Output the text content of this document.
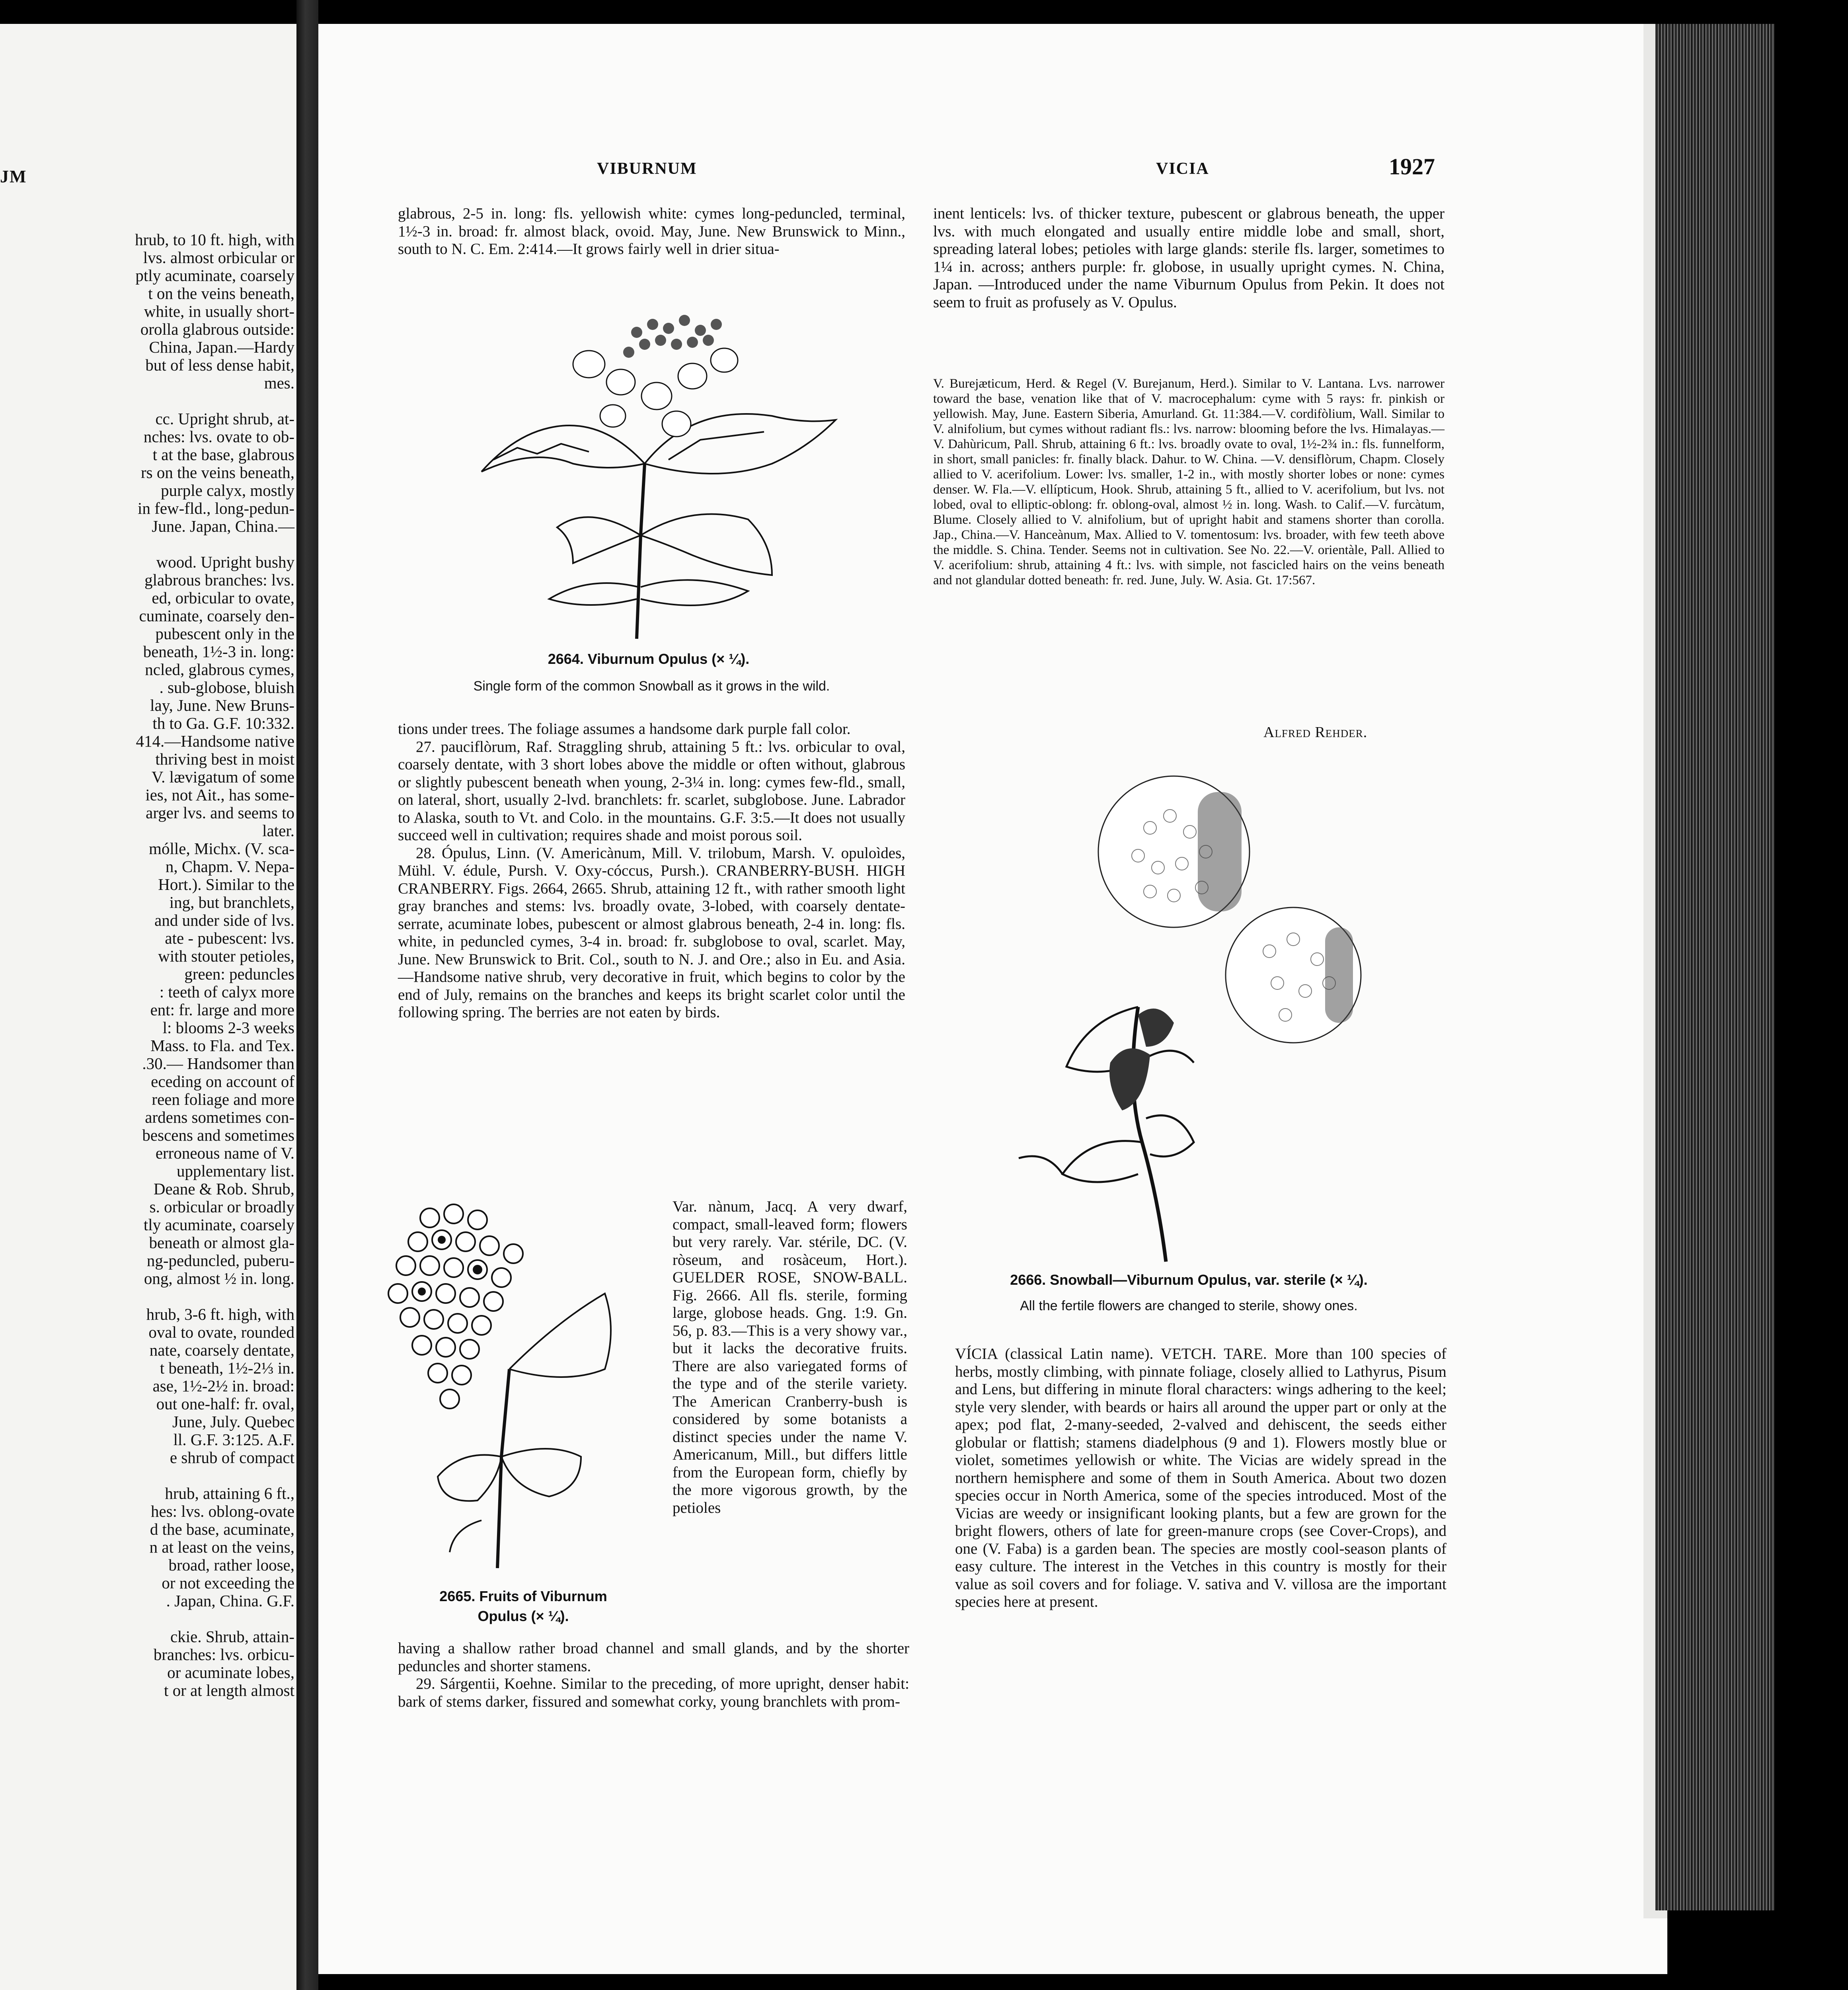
JM
hrub, to 10 ft. high, with
lvs. almost orbicular or
ptly acuminate, coarsely
t on the veins beneath,
white, in usually short-
orolla glabrous outside:
China, Japan.—Hardy
but of less dense habit,
mes.
cc. Upright shrub, at-
nches: lvs. ovate to ob-
t at the base, glabrous
rs on the veins beneath,
purple calyx, mostly
in few-fld., long-pedun-
June. Japan, China.—
wood. Upright bushy
glabrous branches: lvs.
ed, orbicular to ovate,
cuminate, coarsely den-
pubescent only in the
beneath, 1½-3 in. long:
ncled, glabrous cymes,
. sub-globose, bluish
lay, June. New Bruns-
th to Ga. G.F. 10:332.
414.—Handsome native
thriving best in moist
V. lævigatum of some
ies, not Ait., has some-
arger lvs. and seems to
later.
mólle, Michx. (V. sca-
n, Chapm. V. Nepa-
Hort.). Similar to the
ing, but branchlets,
and under side of lvs.
ate - pubescent: lvs.
with stouter petioles,
green: peduncles
: teeth of calyx more
ent: fr. large and more
l: blooms 2-3 weeks
Mass. to Fla. and Tex.
.30.— Handsomer than
eceding on account of
reen foliage and more
ardens sometimes con-
bescens and sometimes
erroneous name of V.
upplementary list.
Deane & Rob. Shrub,
s. orbicular or broadly
tly acuminate, coarsely
beneath or almost gla-
ng-peduncled, puberu-
ong, almost ½ in. long.
hrub, 3-6 ft. high, with
oval to ovate, rounded
nate, coarsely dentate,
t beneath, 1½-2⅓ in.
ase, 1½-2½ in. broad:
out one-half: fr. oval,
June, July. Quebec
ll. G.F. 3:125. A.F.
e shrub of compact
hrub, attaining 6 ft.,
hes: lvs. oblong-ovate
d the base, acuminate,
n at least on the veins,
broad, rather loose,
or not exceeding the
. Japan, China. G.F.
ckie. Shrub, attain-
branches: lvs. orbicu-
or acuminate lobes,
t or at length almost
VIBURNUM	VICIA	1927

glabrous, 2-5 in. long: fls. yellowish white: cymes long-peduncled, terminal, 1½-3 in. broad: fr. almost black, ovoid. May, June. New Brunswick to Minn., south to N. C. Em. 2:414.—It grows fairly well in drier situa-

2664. Viburnum Opulus (× ¼).
Single form of the common Snowball as it grows in the wild.

tions under trees. The foliage assumes a handsome dark purple fall color.

27. pauciflòrum, Raf. Straggling shrub, attaining 5 ft.: lvs. orbicular to oval, coarsely dentate, with 3 short lobes above the middle or often without, glabrous or slightly pubescent beneath when young, 2-3¼ in. long: cymes few-fld., small, on lateral, short, usually 2-lvd. branchlets: fr. scarlet, subglobose. June. Labrador to Alaska, south to Vt. and Colo. in the mountains. G.F. 3:5.—It does not usually succeed well in cultivation; requires shade and moist porous soil.

28. Ópulus, Linn. (V. Americànum, Mill. V. trilobum, Marsh. V. opuloìdes, Mühl. V. édule, Pursh. V. Oxy-cóccus, Pursh.). CRANBERRY-BUSH. HIGH CRANBERRY. Figs. 2664, 2665. Shrub, attaining 12 ft., with rather smooth light gray branches and stems: lvs. broadly ovate, 3-lobed, with coarsely dentate-serrate, acuminate lobes, pubescent or almost glabrous beneath, 2-4 in. long: fls. white, in peduncled cymes, 3-4 in. broad: fr. subglobose to oval, scarlet. May, June. New Brunswick to Brit. Col., south to N. J. and Ore.; also in Eu. and Asia.—Handsome native shrub, very decorative in fruit, which begins to color by the end of July, remains on the branches and keeps its bright scarlet color until the following spring. The berries are not eaten by birds.

2665. Fruits of Viburnum
Opulus (× ¼).

Var. nànum, Jacq. A very dwarf, compact, small-leaved form; flowers but very rarely. Var. stérile, DC. (V. ròseum, and rosàceum, Hort.). GUELDER ROSE, SNOW-BALL. Fig. 2666. All fls. sterile, forming large, globose heads. Gng. 1:9. Gn. 56, p. 83.—This is a very showy var., but it lacks the decorative fruits. There are also variegated forms of the type and of the sterile variety. The American Cranberry-bush is considered by some botanists a distinct species under the name V. Americanum, Mill., but differs little from the European form, chiefly by the more vigorous growth, by the petioles

having a shallow rather broad channel and small glands, and by the shorter peduncles and shorter stamens.

29. Sárgentii, Koehne. Similar to the preceding, of more upright, denser habit: bark of stems darker, fissured and somewhat corky, young branchlets with prom-

inent lenticels: lvs. of thicker texture, pubescent or glabrous beneath, the upper lvs. with much elongated and usually entire middle lobe and small, short, spreading lateral lobes; petioles with large glands: sterile fls. larger, sometimes to 1¼ in. across; anthers purple: fr. globose, in usually upright cymes. N. China, Japan. —Introduced under the name Viburnum Opulus from Pekin. It does not seem to fruit as profusely as V. Opulus.

V. Burejæticum, Herd. & Regel (V. Burejanum, Herd.). Similar to V. Lantana. Lvs. narrower toward the base, venation like that of V. macrocephalum: cyme with 5 rays: fr. pinkish or yellowish. May, June. Eastern Siberia, Amurland. Gt. 11:384.—V. cordifòlium, Wall. Similar to V. alnifolium, but cymes without radiant fls.: lvs. narrow: blooming before the lvs. Himalayas.—V. Dahùricum, Pall. Shrub, attaining 6 ft.: lvs. broadly ovate to oval, 1½-2¾ in.: fls. funnelform, in short, small panicles: fr. finally black. Dahur. to W. China. —V. densiflòrum, Chapm. Closely allied to V. acerifolium. Lower: lvs. smaller, 1-2 in., with mostly shorter lobes or none: cymes denser. W. Fla.—V. ellípticum, Hook. Shrub, attaining 5 ft., allied to V. acerifolium, but lvs. not lobed, oval to elliptic-oblong: fr. oblong-oval, almost ½ in. long. Wash. to Calif.—V. furcàtum, Blume. Closely allied to V. alnifolium, but of upright habit and stamens shorter than corolla. Jap., China.—V. Hanceànum, Max. Allied to V. tomentosum: lvs. broader, with few teeth above the middle. S. China. Tender. Seems not in cultivation. See No. 22.—V. orientàle, Pall. Allied to V. acerifolium: shrub, attaining 4 ft.: lvs. with simple, not fascicled hairs on the veins beneath and not glandular dotted beneath: fr. red. June, July. W. Asia. Gt. 17:567.

Alfred Rehder.
2666. Snowball—Viburnum Opulus, var. sterile (× ¼).
All the fertile flowers are changed to sterile, showy ones.

VÍCIA (classical Latin name). VETCH. TARE. More than 100 species of herbs, mostly climbing, with pinnate foliage, closely allied to Lathyrus, Pisum and Lens, but differing in minute floral characters: wings adhering to the keel; style very slender, with beards or hairs all around the upper part or only at the apex; pod flat, 2-many-seeded, 2-valved and dehiscent, the seeds either globular or flattish; stamens diadelphous (9 and 1). Flowers mostly blue or violet, sometimes yellowish or white. The Vicias are widely spread in the northern hemisphere and some of them in South America. About two dozen species occur in North America, some of the species introduced. Most of the Vicias are weedy or insignificant looking plants, but a few are grown for the bright flowers, others of late for green-manure crops (see Cover-Crops), and one (V. Faba) is a garden bean. The species are mostly cool-season plants of easy culture. The interest in the Vetches in this country is mostly for their value as soil covers and for foliage. V. sativa and V. villosa are the important species here at present.
